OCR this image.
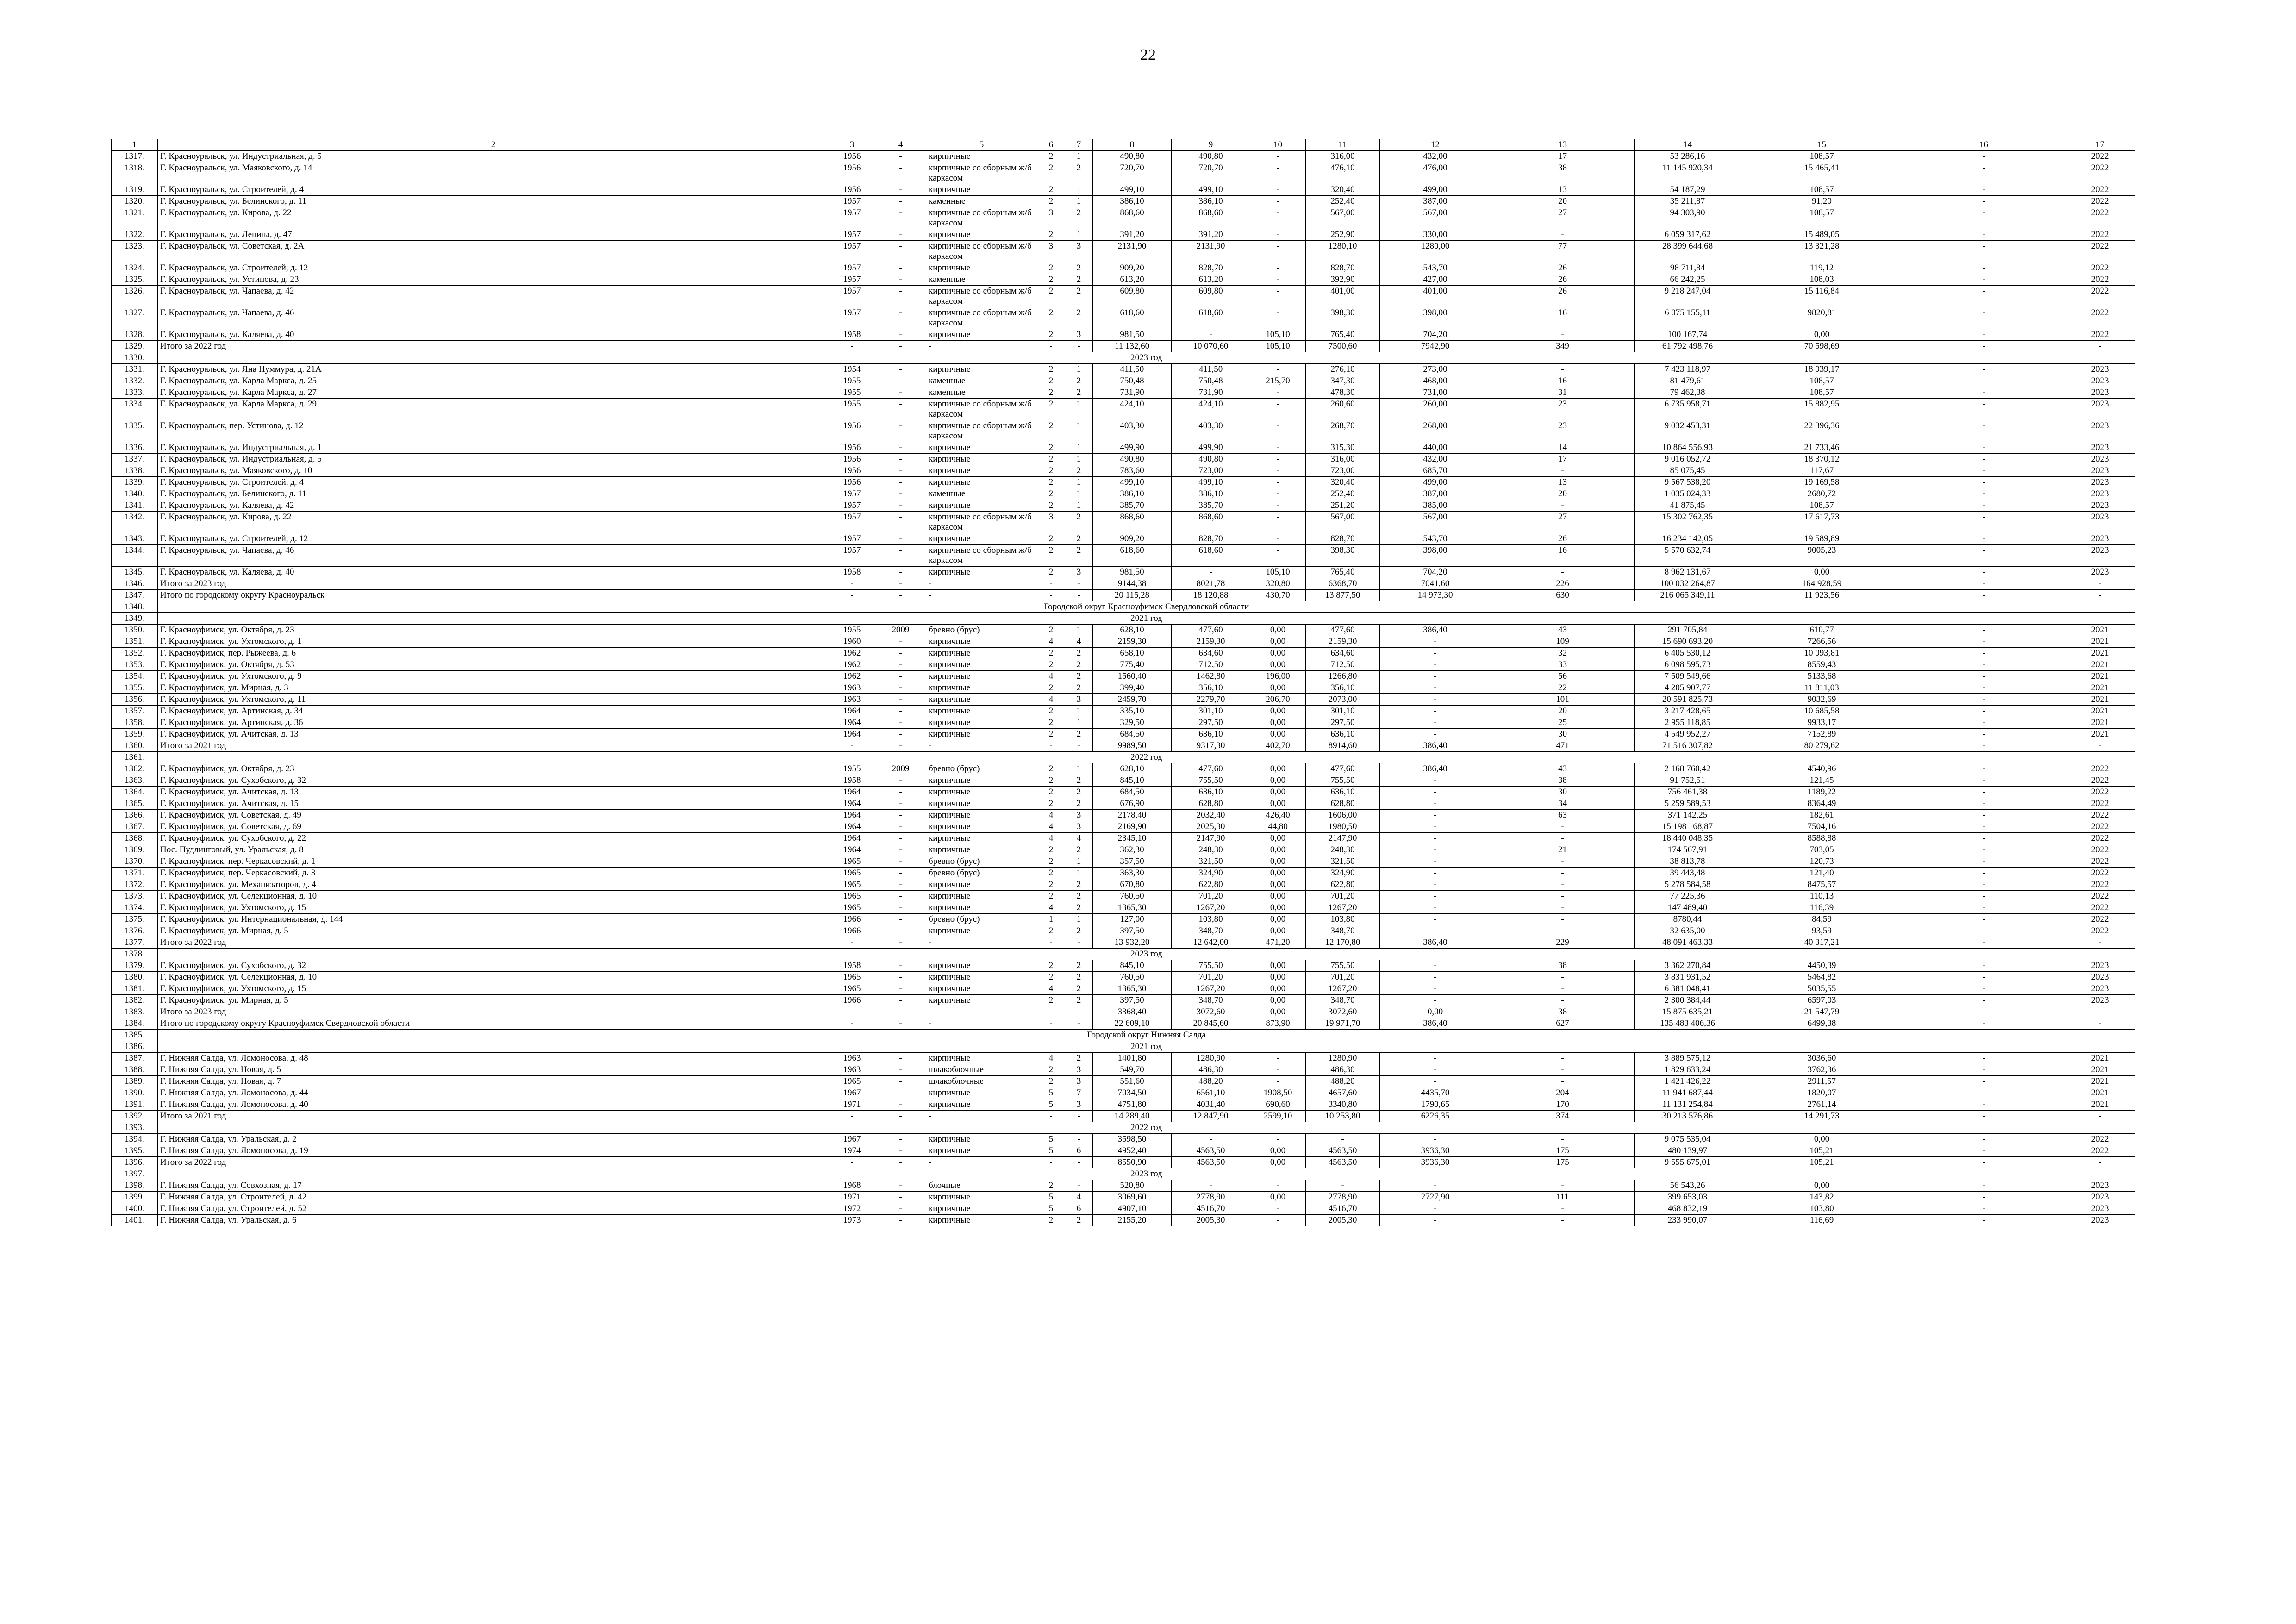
22
1	2	3	4	5	6	7	8	9	10	11	12	13	14	15	16	17
1317.	Г. Красноуральск, ул. Индустриальная, д. 5	1956	-	кирпичные	2	1	490,80	490,80	-	316,00	432,00	17	53 286,16	108,57	-	2022
1318.	Г. Красноуральск, ул. Маяковского, д. 14	1956	-	кирпичные со сборным ж/б каркасом	2	2	720,70	720,70	-	476,10	476,00	38	11 145 920,34	15 465,41	-	2022
1319.	Г. Красноуральск, ул. Строителей, д. 4	1956	-	кирпичные	2	1	499,10	499,10	-	320,40	499,00	13	54 187,29	108,57	-	2022
1320.	Г. Красноуральск, ул. Белинского, д. 11	1957	-	каменные	2	1	386,10	386,10	-	252,40	387,00	20	35 211,87	91,20	-	2022
1321.	Г. Красноуральск, ул. Кирова, д. 22	1957	-	кирпичные со сборным ж/б каркасом	3	2	868,60	868,60	-	567,00	567,00	27	94 303,90	108,57	-	2022
1322.	Г. Красноуральск, ул. Ленина, д. 47	1957	-	кирпичные	2	1	391,20	391,20	-	252,90	330,00	-	6 059 317,62	15 489,05	-	2022
1323.	Г. Красноуральск, ул. Советская, д. 2А	1957	-	кирпичные со сборным ж/б каркасом	3	3	2131,90	2131,90	-	1280,10	1280,00	77	28 399 644,68	13 321,28	-	2022
1324.	Г. Красноуральск, ул. Строителей, д. 12	1957	-	кирпичные	2	2	909,20	828,70	-	828,70	543,70	26	98 711,84	119,12	-	2022
1325.	Г. Красноуральск, ул. Устинова, д. 23	1957	-	каменные	2	2	613,20	613,20	-	392,90	427,00	26	66 242,25	108,03	-	2022
1326.	Г. Красноуральск, ул. Чапаева, д. 42	1957	-	кирпичные со сборным ж/б каркасом	2	2	609,80	609,80	-	401,00	401,00	26	9 218 247,04	15 116,84	-	2022
1327.	Г. Красноуральск, ул. Чапаева, д. 46	1957	-	кирпичные со сборным ж/б каркасом	2	2	618,60	618,60	-	398,30	398,00	16	6 075 155,11	9820,81	-	2022
1328.	Г. Красноуральск, ул. Каляева, д. 40	1958	-	кирпичные	2	3	981,50	-	105,10	765,40	704,20	-	100 167,74	0,00	-	2022
1329.	Итого за 2022 год	-	-	-	-	-	11 132,60	10 070,60	105,10	7500,60	7942,90	349	61 792 498,76	70 598,69	-	-
1330.	2023 год															
1331.	Г. Красноуральск, ул. Яна Нуммура, д. 21А	1954	-	кирпичные	2	1	411,50	411,50	-	276,10	273,00	-	7 423 118,97	18 039,17	-	2023
1332.	Г. Красноуральск, ул. Карла Маркса, д. 25	1955	-	каменные	2	2	750,48	750,48	215,70	347,30	468,00	16	81 479,61	108,57	-	2023
1333.	Г. Красноуральск, ул. Карла Маркса, д. 27	1955	-	каменные	2	2	731,90	731,90	-	478,30	731,00	31	79 462,38	108,57	-	2023
1334.	Г. Красноуральск, ул. Карла Маркса, д. 29	1955	-	кирпичные со сборным ж/б каркасом	2	1	424,10	424,10	-	260,60	260,00	23	6 735 958,71	15 882,95	-	2023
1335.	Г. Красноуральск, пер. Устинова, д. 12	1956	-	кирпичные со сборным ж/б каркасом	2	1	403,30	403,30	-	268,70	268,00	23	9 032 453,31	22 396,36	-	2023
1336.	Г. Красноуральск, ул. Индустриальная, д. 1	1956	-	кирпичные	2	1	499,90	499,90	-	315,30	440,00	14	10 864 556,93	21 733,46	-	2023
1337.	Г. Красноуральск, ул. Индустриальная, д. 5	1956	-	кирпичные	2	1	490,80	490,80	-	316,00	432,00	17	9 016 052,72	18 370,12	-	2023
1338.	Г. Красноуральск, ул. Маяковского, д. 10	1956	-	кирпичные	2	2	783,60	723,00	-	723,00	685,70	-	85 075,45	117,67	-	2023
1339.	Г. Красноуральск, ул. Строителей, д. 4	1956	-	кирпичные	2	1	499,10	499,10	-	320,40	499,00	13	9 567 538,20	19 169,58	-	2023
1340.	Г. Красноуральск, ул. Белинского, д. 11	1957	-	каменные	2	1	386,10	386,10	-	252,40	387,00	20	1 035 024,33	2680,72	-	2023
1341.	Г. Красноуральск, ул. Каляева, д. 42	1957	-	кирпичные	2	1	385,70	385,70	-	251,20	385,00	-	41 875,45	108,57	-	2023
1342.	Г. Красноуральск, ул. Кирова, д. 22	1957	-	кирпичные со сборным ж/б каркасом	3	2	868,60	868,60	-	567,00	567,00	27	15 302 762,35	17 617,73	-	2023
1343.	Г. Красноуральск, ул. Строителей, д. 12	1957	-	кирпичные	2	2	909,20	828,70	-	828,70	543,70	26	16 234 142,05	19 589,89	-	2023
1344.	Г. Красноуральск, ул. Чапаева, д. 46	1957	-	кирпичные со сборным ж/б каркасом	2	2	618,60	618,60	-	398,30	398,00	16	5 570 632,74	9005,23	-	2023
1345.	Г. Красноуральск, ул. Каляева, д. 40	1958	-	кирпичные	2	3	981,50	-	105,10	765,40	704,20	-	8 962 131,67	0,00	-	2023
1346.	Итого за 2023 год	-	-	-	-	-	9144,38	8021,78	320,80	6368,70	7041,60	226	100 032 264,87	164 928,59	-	-
1347.	Итого по городскому округу Красноуральск	-	-	-	-	-	20 115,28	18 120,88	430,70	13 877,50	14 973,30	630	216 065 349,11	11 923,56	-	-
1348.	Городской округ Красноуфимск Свердловской области															
1349.	2021 год															
1350.	Г. Красноуфимск, ул. Октября, д. 23	1955	2009	бревно (брус)	2	1	628,10	477,60	0,00	477,60	386,40	43	291 705,84	610,77	-	2021
1351.	Г. Красноуфимск, ул. Ухтомского, д. 1	1960	-	кирпичные	4	4	2159,30	2159,30	0,00	2159,30	-	109	15 690 693,20	7266,56	-	2021
1352.	Г. Красноуфимск, пер. Рыжеева, д. 6	1962	-	кирпичные	2	2	658,10	634,60	0,00	634,60	-	32	6 405 530,12	10 093,81	-	2021
1353.	Г. Красноуфимск, ул. Октября, д. 53	1962	-	кирпичные	2	2	775,40	712,50	0,00	712,50	-	33	6 098 595,73	8559,43	-	2021
1354.	Г. Красноуфимск, ул. Ухтомского, д. 9	1962	-	кирпичные	4	2	1560,40	1462,80	196,00	1266,80	-	56	7 509 549,66	5133,68	-	2021
1355.	Г. Красноуфимск, ул. Мирная, д. 3	1963	-	кирпичные	2	2	399,40	356,10	0,00	356,10	-	22	4 205 907,77	11 811,03	-	2021
1356.	Г. Красноуфимск, ул. Ухтомского, д. 11	1963	-	кирпичные	4	3	2459,70	2279,70	206,70	2073,00	-	101	20 591 825,73	9032,69	-	2021
1357.	Г. Красноуфимск, ул. Артинская, д. 34	1964	-	кирпичные	2	1	335,10	301,10	0,00	301,10	-	20	3 217 428,65	10 685,58	-	2021
1358.	Г. Красноуфимск, ул. Артинская, д. 36	1964	-	кирпичные	2	1	329,50	297,50	0,00	297,50	-	25	2 955 118,85	9933,17	-	2021
1359.	Г. Красноуфимск, ул. Ачитская, д. 13	1964	-	кирпичные	2	2	684,50	636,10	0,00	636,10	-	30	4 549 952,27	7152,89	-	2021
1360.	Итого за 2021 год	-	-	-	-	-	9989,50	9317,30	402,70	8914,60	386,40	471	71 516 307,82	80 279,62	-	-
1361.	2022 год															
1362.	Г. Красноуфимск, ул. Октября, д. 23	1955	2009	бревно (брус)	2	1	628,10	477,60	0,00	477,60	386,40	43	2 168 760,42	4540,96	-	2022
1363.	Г. Красноуфимск, ул. Сухобского, д. 32	1958	-	кирпичные	2	2	845,10	755,50	0,00	755,50	-	38	91 752,51	121,45	-	2022
1364.	Г. Красноуфимск, ул. Ачитская, д. 13	1964	-	кирпичные	2	2	684,50	636,10	0,00	636,10	-	30	756 461,38	1189,22	-	2022
1365.	Г. Красноуфимск, ул. Ачитская, д. 15	1964	-	кирпичные	2	2	676,90	628,80	0,00	628,80	-	34	5 259 589,53	8364,49	-	2022
1366.	Г. Красноуфимск, ул. Советская, д. 49	1964	-	кирпичные	4	3	2178,40	2032,40	426,40	1606,00	-	63	371 142,25	182,61	-	2022
1367.	Г. Красноуфимск, ул. Советская, д. 69	1964	-	кирпичные	4	3	2169,90	2025,30	44,80	1980,50	-	-	15 198 168,87	7504,16	-	2022
1368.	Г. Красноуфимск, ул. Сухобского, д. 22	1964	-	кирпичные	4	4	2345,10	2147,90	0,00	2147,90	-	-	18 440 048,35	8588,88	-	2022
1369.	Пос. Пудлинговый, ул. Уральская, д. 8	1964	-	кирпичные	2	2	362,30	248,30	0,00	248,30	-	21	174 567,91	703,05	-	2022
1370.	Г. Красноуфимск, пер. Черкасовский, д. 1	1965	-	бревно (брус)	2	1	357,50	321,50	0,00	321,50	-	-	38 813,78	120,73	-	2022
1371.	Г. Красноуфимск, пер. Черкасовский, д. 3	1965	-	бревно (брус)	2	1	363,30	324,90	0,00	324,90	-	-	39 443,48	121,40	-	2022
1372.	Г. Красноуфимск, ул. Механизаторов, д. 4	1965	-	кирпичные	2	2	670,80	622,80	0,00	622,80	-	-	5 278 584,58	8475,57	-	2022
1373.	Г. Красноуфимск, ул. Селекционная, д. 10	1965	-	кирпичные	2	2	760,50	701,20	0,00	701,20	-	-	77 225,36	110,13	-	2022
1374.	Г. Красноуфимск, ул. Ухтомского, д. 15	1965	-	кирпичные	4	2	1365,30	1267,20	0,00	1267,20	-	-	147 489,40	116,39	-	2022
1375.	Г. Красноуфимск, ул. Интернациональная, д. 144	1966	-	бревно (брус)	1	1	127,00	103,80	0,00	103,80	-	-	8780,44	84,59	-	2022
1376.	Г. Красноуфимск, ул. Мирная, д. 5	1966	-	кирпичные	2	2	397,50	348,70	0,00	348,70	-	-	32 635,00	93,59	-	2022
1377.	Итого за 2022 год	-	-	-	-	-	13 932,20	12 642,00	471,20	12 170,80	386,40	229	48 091 463,33	40 317,21	-	-
1378.	2023 год															
1379.	Г. Красноуфимск, ул. Сухобского, д. 32	1958	-	кирпичные	2	2	845,10	755,50	0,00	755,50	-	38	3 362 270,84	4450,39	-	2023
1380.	Г. Красноуфимск, ул. Селекционная, д. 10	1965	-	кирпичные	2	2	760,50	701,20	0,00	701,20	-	-	3 831 931,52	5464,82	-	2023
1381.	Г. Красноуфимск, ул. Ухтомского, д. 15	1965	-	кирпичные	4	2	1365,30	1267,20	0,00	1267,20	-	-	6 381 048,41	5035,55	-	2023
1382.	Г. Красноуфимск, ул. Мирная, д. 5	1966	-	кирпичные	2	2	397,50	348,70	0,00	348,70	-	-	2 300 384,44	6597,03	-	2023
1383.	Итого за 2023 год	-	-	-	-	-	3368,40	3072,60	0,00	3072,60	0,00	38	15 875 635,21	21 547,79	-	-
1384.	Итого по городскому округу Красноуфимск Свердловской области	-	-	-	-	-	22 609,10	20 845,60	873,90	19 971,70	386,40	627	135 483 406,36	6499,38	-	-
1385.	Городской округ Нижняя Салда															
1386.	2021 год															
1387.	Г. Нижняя Салда, ул. Ломоносова, д. 48	1963	-	кирпичные	4	2	1401,80	1280,90	-	1280,90	-	-	3 889 575,12	3036,60	-	2021
1388.	Г. Нижняя Салда, ул. Новая, д. 5	1963	-	шлакоблочные	2	3	549,70	486,30	-	486,30	-	-	1 829 633,24	3762,36	-	2021
1389.	Г. Нижняя Салда, ул. Новая, д. 7	1965	-	шлакоблочные	2	3	551,60	488,20	-	488,20	-	-	1 421 426,22	2911,57	-	2021
1390.	Г. Нижняя Салда, ул. Ломоносова, д. 44	1967	-	кирпичные	5	7	7034,50	6561,10	1908,50	4657,60	4435,70	204	11 941 687,44	1820,07	-	2021
1391.	Г. Нижняя Салда, ул. Ломоносова, д. 40	1971	-	кирпичные	5	3	4751,80	4031,40	690,60	3340,80	1790,65	170	11 131 254,84	2761,14	-	2021
1392.	Итого за 2021 год	-	-	-	-	-	14 289,40	12 847,90	2599,10	10 253,80	6226,35	374	30 213 576,86	14 291,73	-	-
1393.	2022 год															
1394.	Г. Нижняя Салда, ул. Уральская, д. 2	1967	-	кирпичные	5	-	3598,50	-	-	-	-	-	9 075 535,04	0,00	-	2022
1395.	Г. Нижняя Салда, ул. Ломоносова, д. 19	1974	-	кирпичные	5	6	4952,40	4563,50	0,00	4563,50	3936,30	175	480 139,97	105,21	-	2022
1396.	Итого за 2022 год	-	-	-	-	-	8550,90	4563,50	0,00	4563,50	3936,30	175	9 555 675,01	105,21	-	-
1397.	2023 год															
1398.	Г. Нижняя Салда, ул. Совхозная, д. 17	1968	-	блочные	2	-	520,80	-	-	-	-	-	56 543,26	0,00	-	2023
1399.	Г. Нижняя Салда, ул. Строителей, д. 42	1971	-	кирпичные	5	4	3069,60	2778,90	0,00	2778,90	2727,90	111	399 653,03	143,82	-	2023
1400.	Г. Нижняя Салда, ул. Строителей, д. 52	1972	-	кирпичные	5	6	4907,10	4516,70	-	4516,70	-	-	468 832,19	103,80	-	2023
1401.	Г. Нижняя Салда, ул. Уральская, д. 6	1973	-	кирпичные	2	2	2155,20	2005,30	-	2005,30	-	-	233 990,07	116,69	-	2023
